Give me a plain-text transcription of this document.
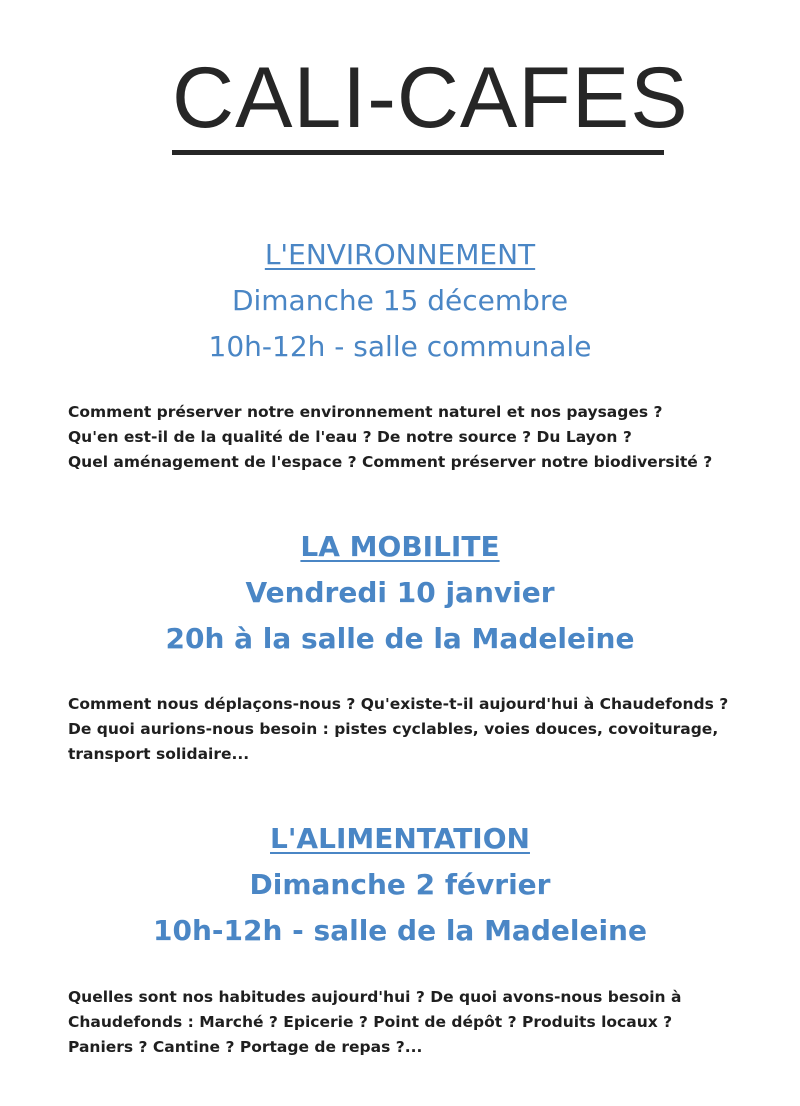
CALI-CAFES
L'ENVIRONNEMENT
Dimanche 15 décembre
10h-12h - salle communale
Comment préserver notre environnement naturel et nos paysages ?
Qu'en est-il de la qualité de l'eau ? De notre source ? Du Layon ?
Quel aménagement de l'espace ? Comment préserver notre biodiversité ?
LA MOBILITE
Vendredi 10 janvier
20h à la salle de la Madeleine
Comment nous déplaçons-nous ? Qu'existe-t-il aujourd'hui à Chaudefonds ?
De quoi aurions-nous besoin : pistes cyclables, voies douces, covoiturage,
transport solidaire...
L'ALIMENTATION
Dimanche 2 février
10h-12h - salle de la Madeleine
Quelles sont nos habitudes aujourd'hui ? De quoi avons-nous besoin à
Chaudefonds : Marché ? Epicerie ? Point de dépôt ? Produits locaux ?
Paniers ? Cantine ? Portage de repas ?...
